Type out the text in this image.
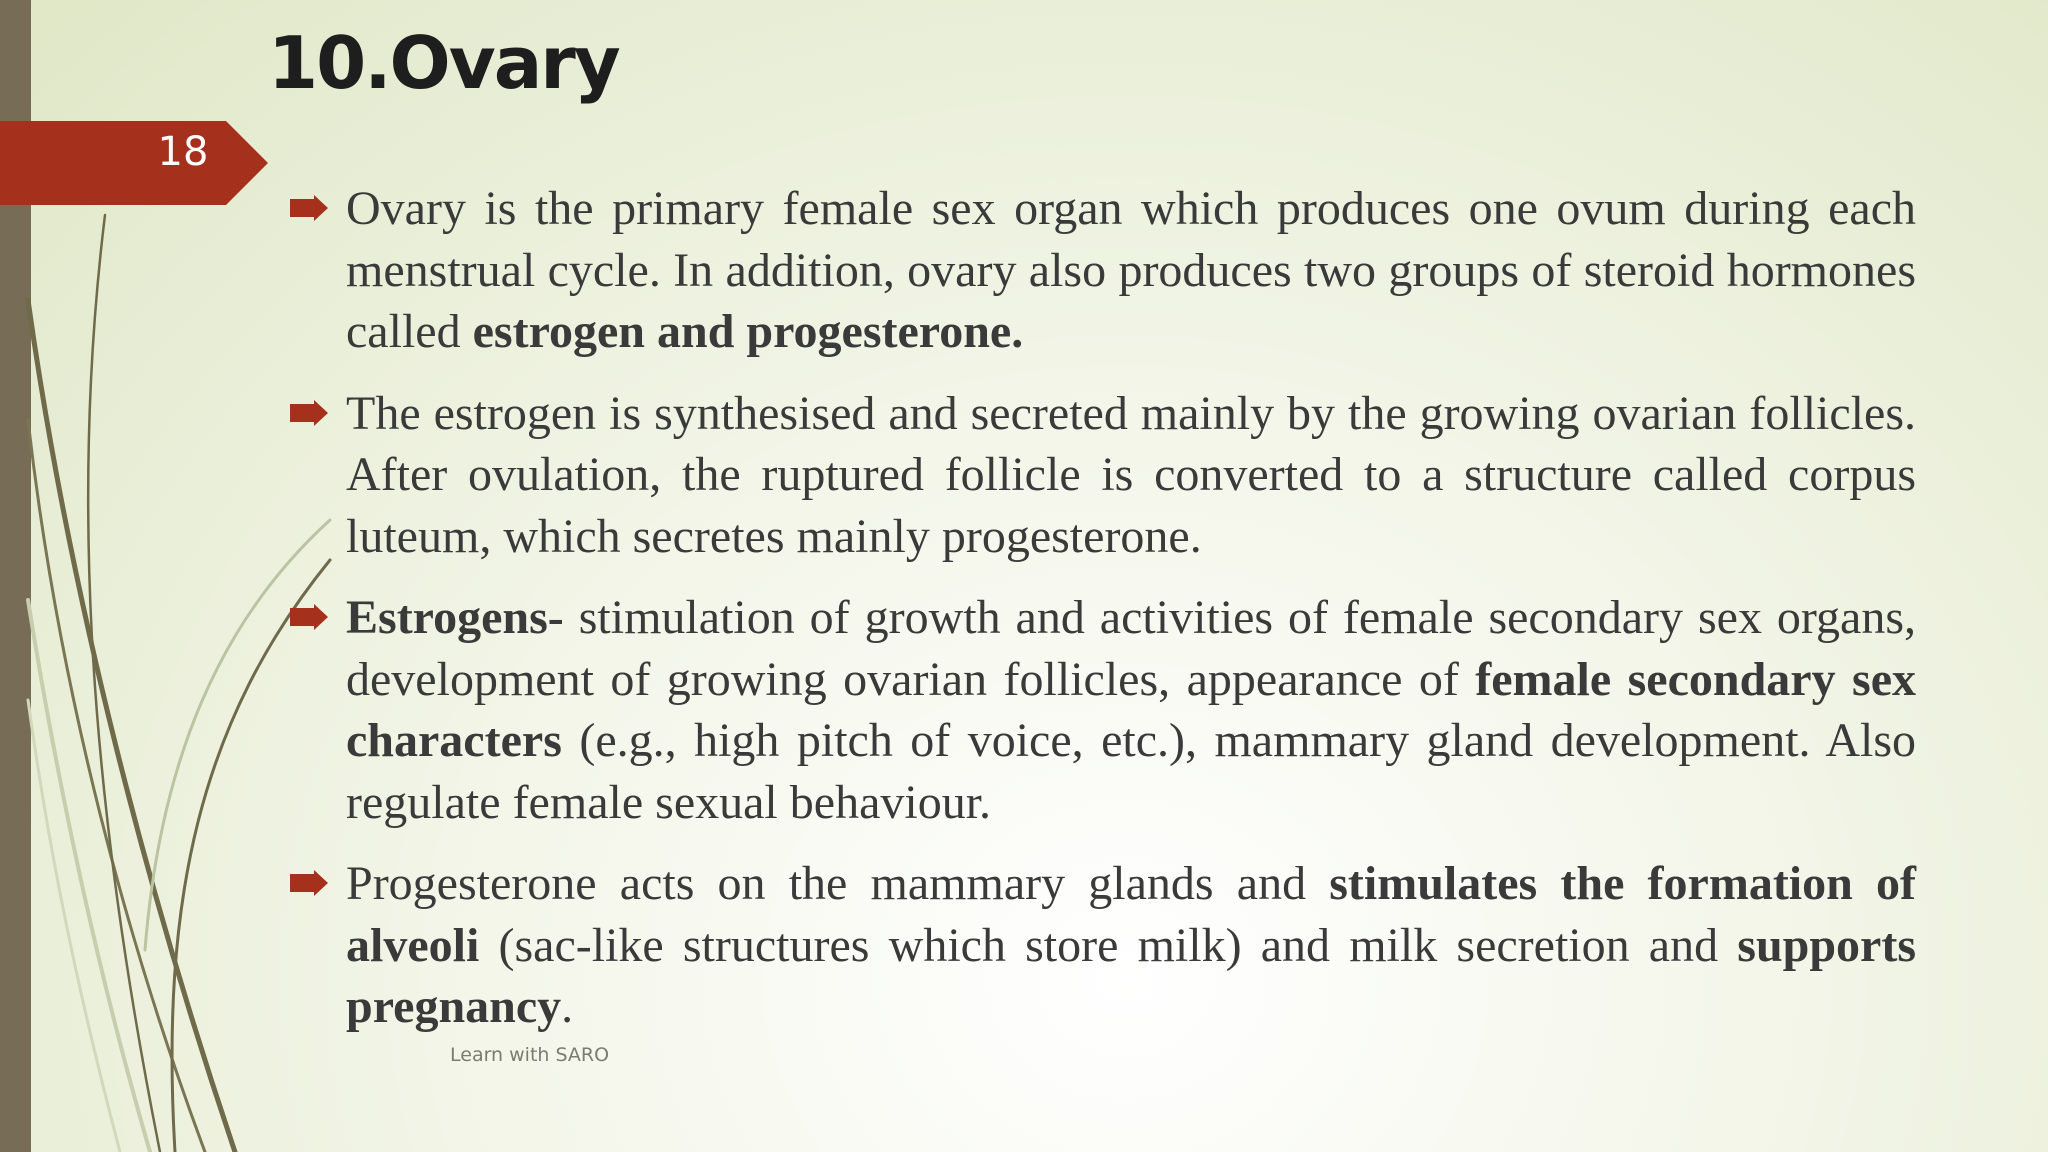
10.Ovary
18
Ovary is the primary female sex organ which produces one ovum during each menstrual cycle. In addition, ovary also produces two groups of steroid hormones called estrogen and progesterone.
The estrogen is synthesised and secreted mainly by the growing ovarian follicles. After ovulation, the ruptured follicle is converted to a structure called corpus luteum, which secretes mainly progesterone.
Estrogens- stimulation of growth and activities of female secondary sex organs, development of growing ovarian follicles, appearance of female secondary sex characters (e.g., high pitch of voice, etc.), mammary gland development. Also regulate female sexual behaviour.
Progesterone acts on the mammary glands and stimulates the formation of alveoli (sac-like structures which store milk) and milk secretion and supports pregnancy.
Learn with SARO
